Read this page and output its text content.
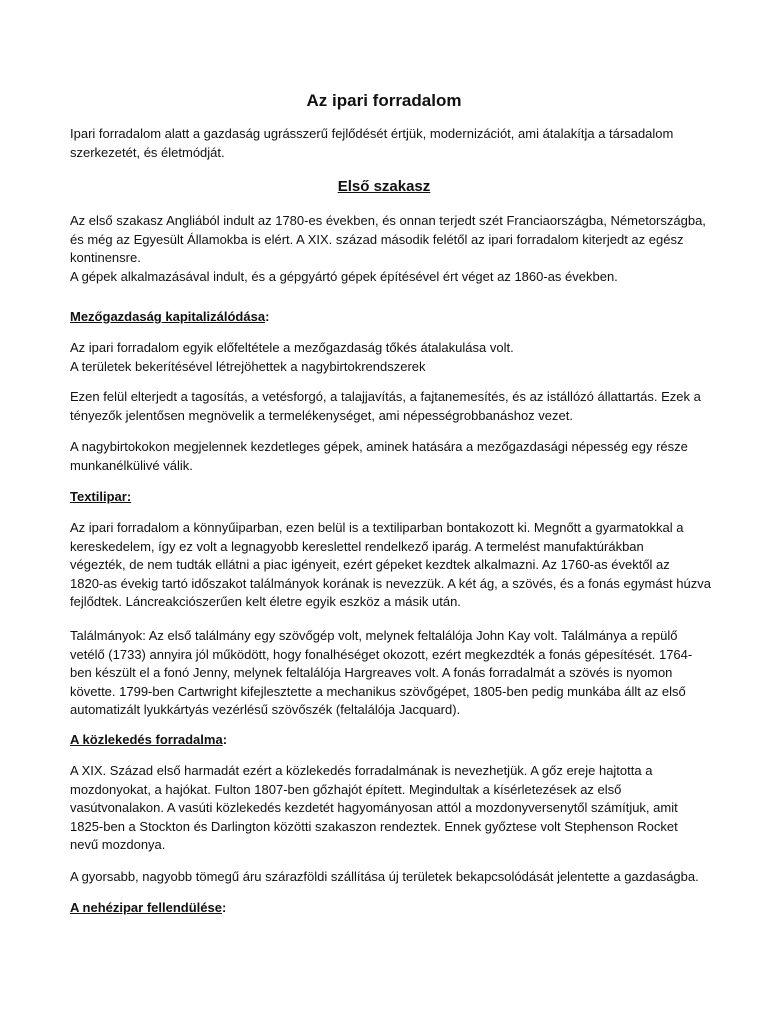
Az ipari forradalom
Ipari forradalom alatt a gazdaság ugrásszerű fejlődését értjük, modernizációt, ami átalakítja a társadalom
szerkezetét, és életmódját.
Első szakasz
Az első szakasz Angliából indult az 1780-es években, és onnan terjedt szét Franciaországba, Németországba,
és még az Egyesült Államokba is elért. A XIX. század második felétől az ipari forradalom kiterjedt az egész
kontinensre.
A gépek alkalmazásával indult, és a gépgyártó gépek építésével ért véget az 1860-as években.
Mezőgazdaság kapitalizálódása:
Az ipari forradalom egyik előfeltétele a mezőgazdaság tőkés átalakulása volt.
A területek bekerítésével létrejöhettek a nagybirtokrendszerek
Ezen felül elterjedt a tagosítás, a vetésforgó, a talajjavítás, a fajtanemesítés, és az istállózó állattartás. Ezek a
tényezők jelentősen megnövelik a termelékenységet, ami népességrobbanáshoz vezet.
A nagybirtokokon megjelennek kezdetleges gépek, aminek hatására a mezőgazdasági népesség egy része
munkanélkülivé válik.
Textilipar:
Az ipari forradalom a könnyűiparban, ezen belül is a textiliparban bontakozott ki. Megnőtt a gyarmatokkal a
kereskedelem, így ez volt a legnagyobb kereslettel rendelkező iparág. A termelést manufaktúrákban
végezték, de nem tudták ellátni a piac igényeit, ezért gépeket kezdtek alkalmazni. Az 1760-as évektől az
1820-as évekig tartó időszakot találmányok korának is nevezzük. A két ág, a szövés, és a fonás egymást húzva
fejlődtek. Láncreakciószerűen kelt életre egyik eszköz a másik után.
Találmányok: Az első találmány egy szövőgép volt, melynek feltalálója John Kay volt. Találmánya a repülő
vetélő (1733) annyira jól működött, hogy fonalhéséget okozott, ezért megkezdték a fonás gépesítését. 1764-
ben készült el a fonó Jenny, melynek feltalálója Hargreaves volt. A fonás forradalmát a szövés is nyomon
követte. 1799-ben Cartwright kifejlesztette a mechanikus szövőgépet, 1805-ben pedig munkába állt az első
automatizált lyukkártyás vezérlésű szövőszék (feltalálója Jacquard).
A közlekedés forradalma:
A XIX. Század első harmadát ezért a közlekedés forradalmának is nevezhetjük. A gőz ereje hajtotta a
mozdonyokat, a hajókat. Fulton 1807-ben gőzhajót épített. Megindultak a kísérletezések az első
vasútvonalakon. A vasúti közlekedés kezdetét hagyományosan attól a mozdonyversenytől számítjuk, amit
1825-ben a Stockton és Darlington közötti szakaszon rendeztek. Ennek győztese volt Stephenson Rocket
nevű mozdonya.
A gyorsabb, nagyobb tömegű áru szárazföldi szállítása új területek bekapcsolódását jelentette a gazdaságba.
A nehézipar fellendülése:
